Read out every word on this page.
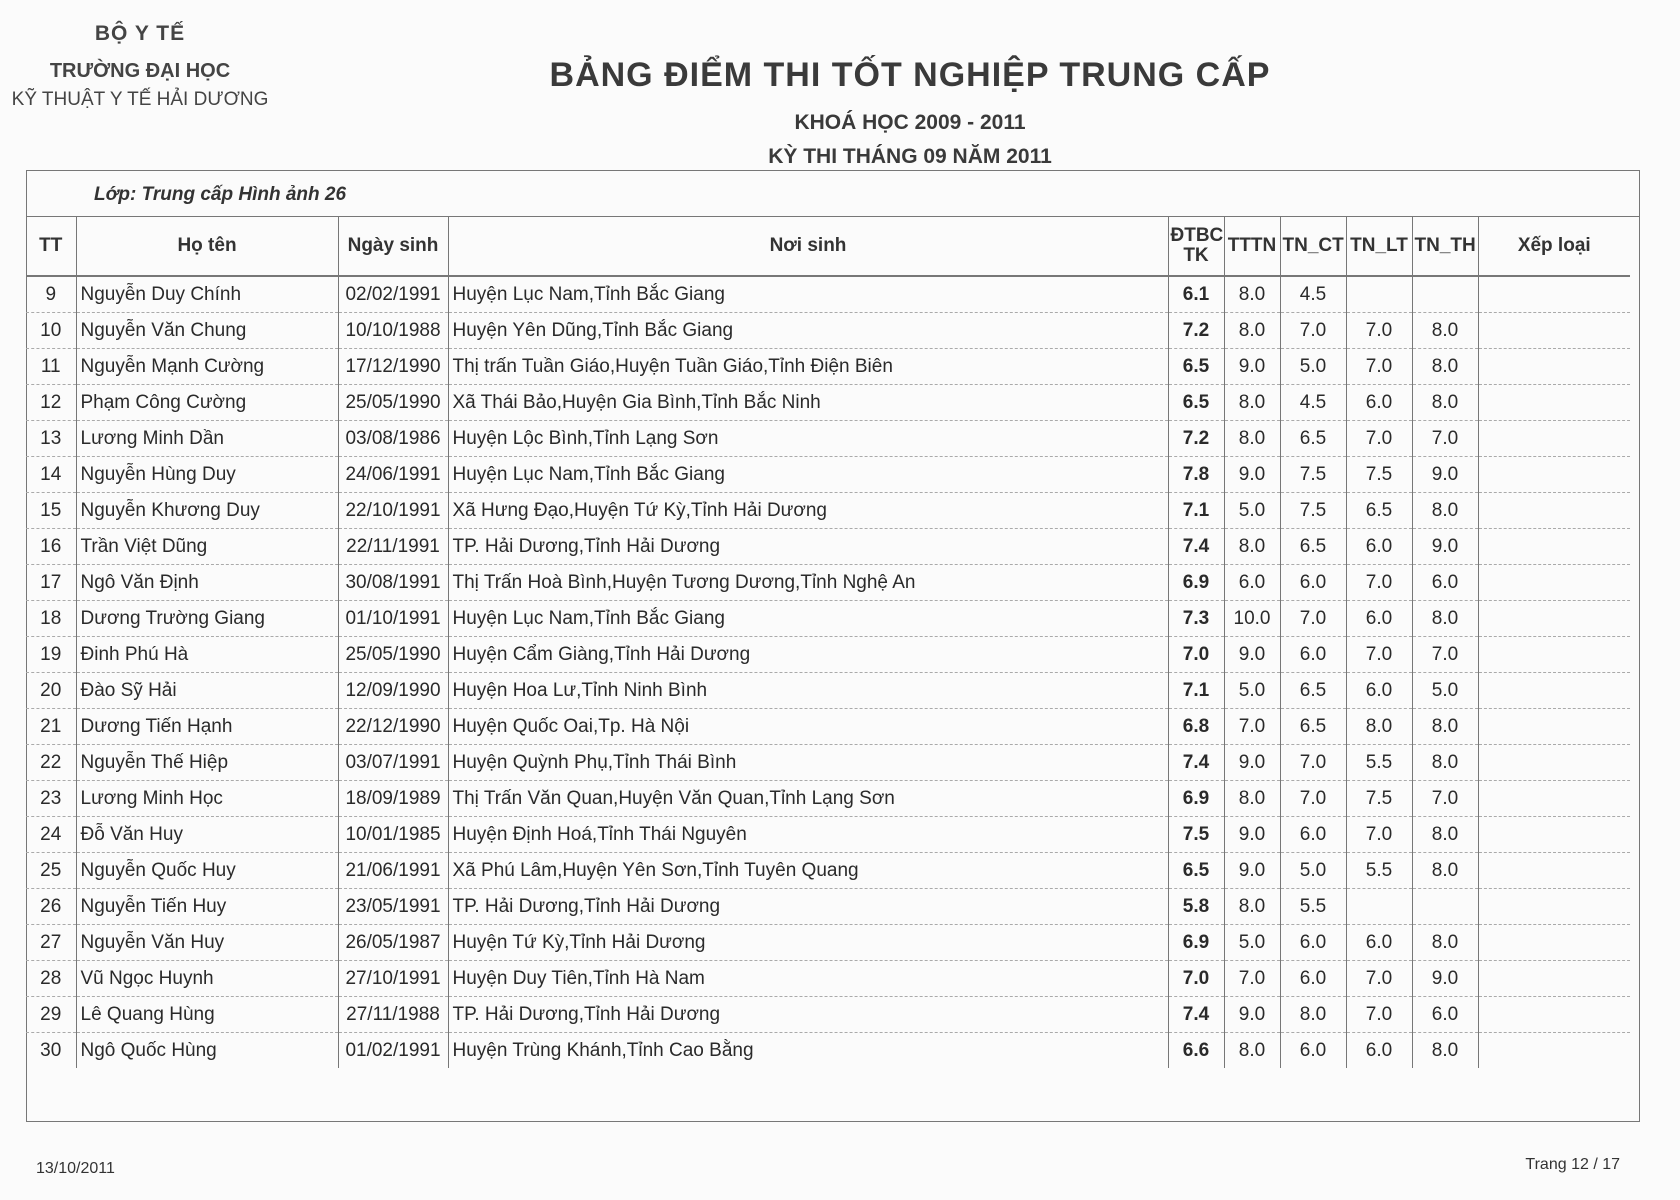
BỘ Y TẾ
TRƯỜNG ĐẠI HỌC
KỸ THUẬT Y TẾ HẢI DƯƠNG
BẢNG ĐIỂM THI TỐT NGHIỆP TRUNG CẤP
KHOÁ HỌC 2009 - 2011
KỲ THI THÁNG 09 NĂM 2011
Lớp: Trung cấp Hình ảnh 26
TT	Họ tên	Ngày sinh	Nơi sinh	ĐTBC
TK	TTTN	TN_CT	TN_LT	TN_TH	Xếp loại
9	Nguyễn Duy Chính	02/02/1991	Huyện Lục Nam,Tỉnh Bắc Giang	6.1	8.0	4.5			
10	Nguyễn Văn Chung	10/10/1988	Huyện Yên Dũng,Tỉnh Bắc Giang	7.2	8.0	7.0	7.0	8.0	
11	Nguyễn Mạnh Cường	17/12/1990	Thị trấn Tuần Giáo,Huyện Tuần Giáo,Tỉnh Điện Biên	6.5	9.0	5.0	7.0	8.0	
12	Phạm Công Cường	25/05/1990	Xã Thái Bảo,Huyện Gia Bình,Tỉnh Bắc Ninh	6.5	8.0	4.5	6.0	8.0	
13	Lương Minh Dần	03/08/1986	Huyện Lộc Bình,Tỉnh Lạng Sơn	7.2	8.0	6.5	7.0	7.0	
14	Nguyễn Hùng Duy	24/06/1991	Huyện Lục Nam,Tỉnh Bắc Giang	7.8	9.0	7.5	7.5	9.0	
15	Nguyễn Khương Duy	22/10/1991	Xã Hưng Đạo,Huyện Tứ Kỳ,Tỉnh Hải Dương	7.1	5.0	7.5	6.5	8.0	
16	Trần Việt Dũng	22/11/1991	TP. Hải Dương,Tỉnh Hải Dương	7.4	8.0	6.5	6.0	9.0	
17	Ngô Văn Định	30/08/1991	Thị Trấn Hoà Bình,Huyện Tương Dương,Tỉnh Nghệ An	6.9	6.0	6.0	7.0	6.0	
18	Dương Trường Giang	01/10/1991	Huyện Lục Nam,Tỉnh Bắc Giang	7.3	10.0	7.0	6.0	8.0	
19	Đinh Phú Hà	25/05/1990	Huyện Cẩm Giàng,Tỉnh Hải Dương	7.0	9.0	6.0	7.0	7.0	
20	Đào Sỹ Hải	12/09/1990	Huyện Hoa Lư,Tỉnh Ninh Bình	7.1	5.0	6.5	6.0	5.0	
21	Dương Tiến Hạnh	22/12/1990	Huyện Quốc Oai,Tp. Hà Nội	6.8	7.0	6.5	8.0	8.0	
22	Nguyễn Thế Hiệp	03/07/1991	Huyện Quỳnh Phụ,Tỉnh Thái Bình	7.4	9.0	7.0	5.5	8.0	
23	Lương Minh Học	18/09/1989	Thị Trấn Văn Quan,Huyện Văn Quan,Tỉnh Lạng Sơn	6.9	8.0	7.0	7.5	7.0	
24	Đỗ Văn Huy	10/01/1985	Huyện Định Hoá,Tỉnh Thái Nguyên	7.5	9.0	6.0	7.0	8.0	
25	Nguyễn Quốc Huy	21/06/1991	Xã Phú Lâm,Huyện Yên Sơn,Tỉnh Tuyên Quang	6.5	9.0	5.0	5.5	8.0	
26	Nguyễn Tiến Huy	23/05/1991	TP. Hải Dương,Tỉnh Hải Dương	5.8	8.0	5.5			
27	Nguyễn Văn Huy	26/05/1987	Huyện Tứ Kỳ,Tỉnh Hải Dương	6.9	5.0	6.0	6.0	8.0	
28	Vũ Ngọc Huynh	27/10/1991	Huyện Duy Tiên,Tỉnh Hà Nam	7.0	7.0	6.0	7.0	9.0	
29	Lê Quang Hùng	27/11/1988	TP. Hải Dương,Tỉnh Hải Dương	7.4	9.0	8.0	7.0	6.0	
30	Ngô Quốc Hùng	01/02/1991	Huyện Trùng Khánh,Tỉnh Cao Bằng	6.6	8.0	6.0	6.0	8.0	
13/10/2011	Trang 12 / 17
